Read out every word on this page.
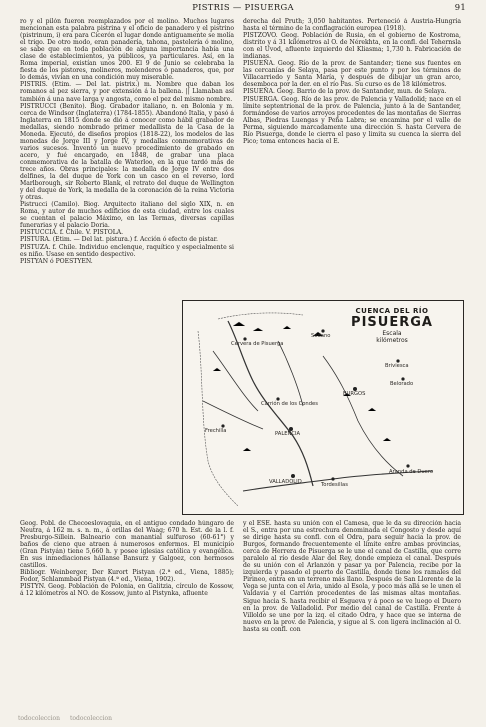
PISTRIS — PISUERGA	91

ro y el pilón fueron reemplazados por el molino. Muchos lugares mencionan esta palabra pistrina y el oficio de panadero y el pistrino (pistrinum, i) era para Cicerón el lugar donde antiguamente se molía el trigo. De otro modo, eran panadería, tahona, pastelería ó molino, se sabe que en toda población de alguna importancia había una clase de establecimientos, ya públicos, ya particulares. Así, en la Roma imperial, existían unos 200. El 9 de Junio se celebraba la fiesta de los pistores, molineros, molenderos ó panaderos, que, por lo demás, vivían en una condición muy miserable.

PISTRIS. (Etim. — Del lat. pistrix.) m. Nombre que daban los romanos al pez sierra, y por extensión á la ballena. || Llamaban así también á una nave larga y angosta, como el pez del mismo nombre.

PISTRUCCI (Benito). Biog. Grabador italiano, n. en Bolonia y m. cerca de Windsor (Inglaterra) (1784-1855). Abandonó Italia, y pasó á Inglaterra en 1815 donde se dió á conocer como hábil grabador de medallas, siendo nombrado primer medallista de la Casa de la Moneda. Ejecutó, de diseños propios (1818-22), los modelos de las monedas de Jorge III y Jorge IV, y medallas conmemorativas de varios sucesos. Inventó un nuevo procedimiento de grabado en acero, y fué encargado, en 1848, de grabar una placa conmemorativa de la batalla de Waterloo, en la que tardó más de trece años. Obras principales: la medalla de Jorge IV entre dos delfines, la del duque de York con un casco en el reverso, lord Marlborough, sir Roberto Blank, el retrato del duque de Wellington y del duque de York, la medalla de la coronación de la reina Victoria y otras.

Pistrucci (Camilo). Biog. Arquitecto italiano del siglo XIX, n. en Roma, y autor de muchos edificios de esta ciudad, entre los cuales se cuentan el palacio Máximo, en las Termas, diversas capillas funerarias y el palacio Doria.

PISTUCCIA. f. Chile. V. PISTOLA.

PISTURA. (Etim. — Del lat. pistura.) f. Acción ó efecto de pistar.

PISTUZA. f. Chile. Individuo enclenque, raquítico y especialmente si es niño. Usase en sentido despectivo.

PISTYAN ó POESTYEN.

derecha del Pruth; 3,050 habitantes. Perteneció á Austria-Hungría hasta el término de la conflagración europea (1918).

PISTZOVO. Geog. Población de Rusia, en el gobierno de Kostroma, distrito y á 31 kilómetros al O. de Nérekhta, en la confl. del Tehernsla con el Uvod, afluente izquierdo del Kliasma; 1,730 h. Fabricación de indianas.

PISUEÑA. Geog. Río de la prov. de Santander; tiene sus fuentes en las cercanías de Selaya, pasa por este punto y por los términos de Villacarriedo y Santa María, y después de dibujar un gran arco, desemboca por la der. en el río Pas. Su curso es de 18 kilómetros.

PISUEÑA. Geog. Barrio de la prov. de Santander, mun. de Selaya.

PISUERGA. Geog. Río de las prov. de Palencia y Valladolid; nace en el límite septentrional de la prov. de Palencia, junto á la de Santander, formándose de varios arroyos procedentes de las montañas de Sierras Albas, Piedras Luengas y Peña Labra; se encamina por el valle de Perma, siguiendo marcadamente una dirección S. hasta Cervera de Río Pisuerga, donde le cierra el paso y limita su cuenca la sierra del Pico; toma entonces hacia el E.

CUENCA DEL RÍO
PISUERGA
Escala
kilómetros
Cervera de Pisuerga
Sedano
Briviesca
Belorado
Carrión de los Condes
BURGOS
Frechilla	PALENCIA
VALLADOLID	Tordesillas
Aranda de Duero

Geog. Pobl. de Checoeslovaquia, en el antiguo condado húngaro de Neutra, á 162 m. s. n. m., á orillas del Waag; 670 h. Est. de la l. f. Presburgo-Sillein. Balneario con manantial sulfuroso (60-61°) y baños de cieno que atraen á numerosos enfermos. El municipio (Gran Pistyán) tiene 5,660 h. y posee iglesias católica y evangélica. En sus inmediaciones hállanse Bansurz y Galgoez, con hermosos castillos.

Bibliogr. Weinberger, Der Kurort Pistyan (2.ª ed., Viena, 1885); Fodor, Schlammbad Pistyan (4.ª ed., Viena, 1902).

PISTYN. Geog. Población de Polonia, en Galitzia, círculo de Kossow, á 12 kilómetros al NO. de Kossow, junto al Pistynka, afluente

y el ESE. hasta su unión con el Camesa, que le da su dirección hacia el S., entra por una estrechura denominada el Congosto y desde aquí se dirige hasta su confl. con el Odra, para seguir hacia la prov. de Burgos, formando frecuentemente el límite entre ambas provincias, cerca de Herrera de Pisuerga se le une el canal de Castilla, que corre paralelo al río desde Alar del Rey, donde empieza el canal. Después de su unión con el Arlanzón y pasar ya por Palencia, recibe por la izquierda y pasado el puerto de Castilla, donde tiene los ramales del Pirineo, entra en un terreno más llano. Después de San Llorente de la Vega se junta con el Avia, unido al Esola, y poco más allá se le unen el Valdavia y el Carrión procedentes de las mismas altas montañas. Sigue hacia S. hasta recibir el Esgueva y á poco se ve luego el Duero en la prov. de Valladolid. Por medio del canal de Castilla. Frente á Villoldo se une por la izq. el citado Odra, y hace que se interna de nuevo en la prov. de Palencia, y sigue al S. con ligera inclinación al O. hasta su confl. con

todocoleccion todocoleccion
